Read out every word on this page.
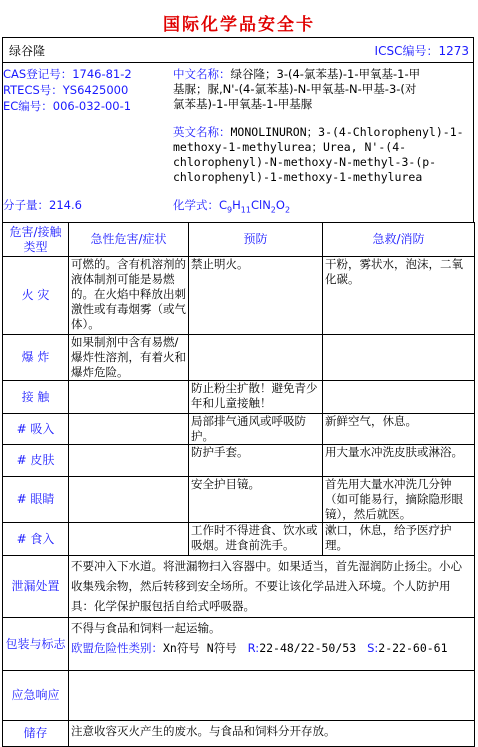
国际化学品安全卡
绿谷隆	ICSC编号：1273
CAS登记号：1746-81-2
RTECS号：YS6425000
EC编号：006-032-00-1
中文名称：绿谷隆；3-(4-氯苯基)-1-甲氧基-1-甲
基脲；脲,N'-(4-氯苯基)-N-甲氧基-N-甲基-3-(对
氯苯基)-1-甲氧基-1-甲基脲
英文名称：MONOLINURON；3-(4-Chlorophenyl)-1-
methoxy-1-methylurea；Urea, N'-(4-
chlorophenyl)-N-methoxy-N-methyl-3-(p-
chlorophenyl)-1-methoxy-1-methylurea
分子量：214.6	化学式：$C_9H_{11}ClN_2O_2$
危害/接触
类型	急性危害/症状	预防	急救/消防
火 灾	可燃的。含有机溶剂的液体制剂可能是易燃的。在火焰中释放出刺激性或有毒烟雾（或气体）。	禁止明火。	干粉，雾状水，泡沫，二氧化碳。
爆 炸	如果制剂中含有易燃/爆炸性溶剂，有着火和爆炸危险。		
接 触		防止粉尘扩散！避免青少年和儿童接触！	
# 吸入		局部排气通风或呼吸防护。	新鲜空气，休息。
# 皮肤		防护手套。	用大量水冲洗皮肤或淋浴。
# 眼睛		安全护目镜。	首先用大量水冲洗几分钟（如可能易行，摘除隐形眼镜），然后就医。
# 食入		工作时不得进食、饮水或吸烟。进食前洗手。	漱口，休息，给予医疗护理。
泄漏处置	不要冲入下水道。将泄漏物扫入容器中。如果适当，首先湿润防止扬尘。小心收集残余物，然后转移到安全场所。不要让该化学品进入环境。个人防护用具：化学保护服包括自给式呼吸器。		
包装与标志	不得与食品和饲料一起运输。
欧盟危险性类别：Xn符号 N符号 R:22-48/22-50/53 S:2-22-60-61		
应急响应			
储存	注意收容灭火产生的废水。与食品和饲料分开存放。		
